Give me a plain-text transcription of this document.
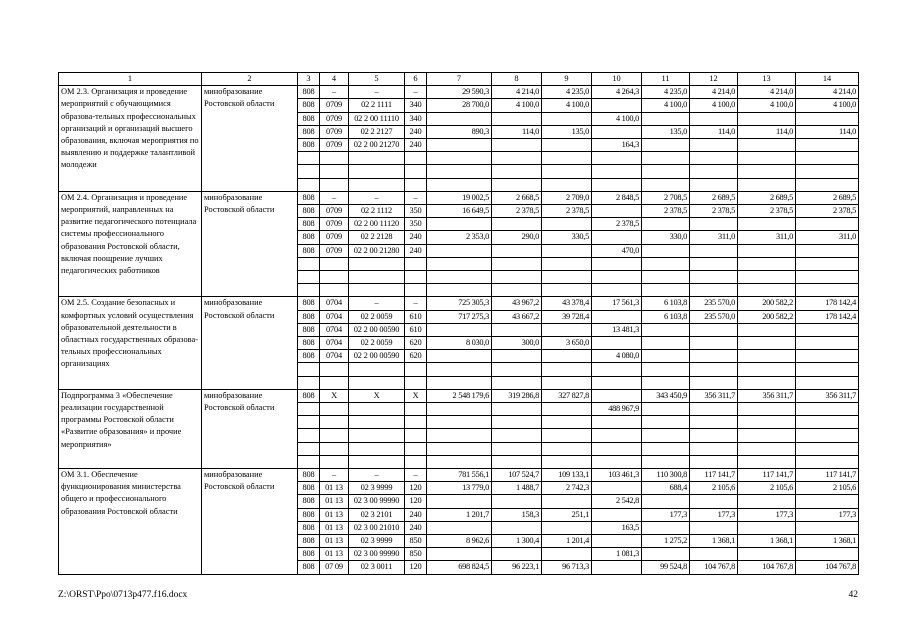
1	2	3	4	5	6	7	8	9	10	11	12	13	14
ОМ 2.3. Организация и проведение мероприятий с обучающимися образова-тельных профессиональных организаций и организаций высшего образования, включая мероприятия по выявлению и поддержке талантливой молодежи	минобразование Ростовской области	808	–	–	–	29 590,3	4 214,0	4 235,0	4 264,3	4 235,0	4 214,0	4 214,0	4 214,0
		808	0709	02 2 1111	340	28 700,0	4 100,0	4 100,0		4 100,0	4 100,0	4 100,0	4 100,0
		808	0709	02 2 00 11110	340				4 100,0				
		808	0709	02 2 2127	240	890,3	114,0	135,0		135,0	114,0	114,0	114,0
		808	0709	02 2 00 21270	240				164,3				

ОМ 2.4. Организация и проведение мероприятий, направленных на развитие педагогического потенциала системы профессионального образования Ростовской области, включая поощрение лучших педагогических работников	минобразование Ростовской области	808	–	–	–	19 002,5	2 668,5	2 709,0	2 848,5	2 708,5	2 689,5	2 689,5	2 689,5
		808	0709	02 2 1112	350	16 649,5	2 378,5	2 378,5		2 378,5	2 378,5	2 378,5	2 378,5
		808	0709	02 2 00 11120	350				2 378,5				
		808	0709	02 2 2128	240	2 353,0	290,0	330,5		330,0	311,0	311,0	311,0
		808	0709	02 2 00 21280	240				470,0				

ОМ 2.5. Создание безопасных и комфортных условий осуществления образовательной деятельности в областных государственных образова-тельных профессиональных организациях	минобразование Ростовской области	808	0704	–	–	725 305,3	43 967,2	43 378,4	17 561,3	6 103,8	235 570,0	200 582,2	178 142,4
		808	0704	02 2 0059	610	717 275,3	43 667,2	39 728,4		6 103,8	235 570,0	200 582,2	178 142,4
		808	0704	02 2 00 00590	610				13 481,3				
		808	0704	02 2 0059	620	8 030,0	300,0	3 650,0					
		808	0704	02 2 00 00590	620				4 080,0				

Подпрограмма 3 «Обеспечение реализации государственной программы Ростовской области «Развитие образования» и прочие мероприятия»	минобразование Ростовской области	808	Х	Х	Х	2 548 179,6	319 286,8	327 827,8		343 450,9	356 311,7	356 311,7	356 311,7
									488 967,9				

ОМ 3.1. Обеспечение функционирования министерства общего и профессионального образования Ростовской области	минобразование Ростовской области	808	–	–	–	781 556,1	107 524,7	109 133,1	103 461,3	110 300,8	117 141,7	117 141,7	117 141,7
		808	01 13	02 3 9999	120	13 779,0	1 488,7	2 742,3		688,4	2 105,6	2 105,6	2 105,6
		808	01 13	02 3 00 99990	120				2 542,8				
		808	01 13	02 3 2101	240	1 201,7	158,3	251,1		177,3	177,3	177,3	177,3
		808	01 13	02 3 00 21010	240				163,5				
		808	01 13	02 3 9999	850	8 962,6	1 300,4	1 201,4		1 275,2	1 368,1	1 368,1	1 368,1
		808	01 13	02 3 00 99990	850				1 081,3				
		808	07 09	02 3 0011	120	698 824,5	96 223,1	96 713,3		99 524,8	104 767,8	104 767,8	104 767,8
Z:\ORST\Ppo\0713p477.f16.docx	42
